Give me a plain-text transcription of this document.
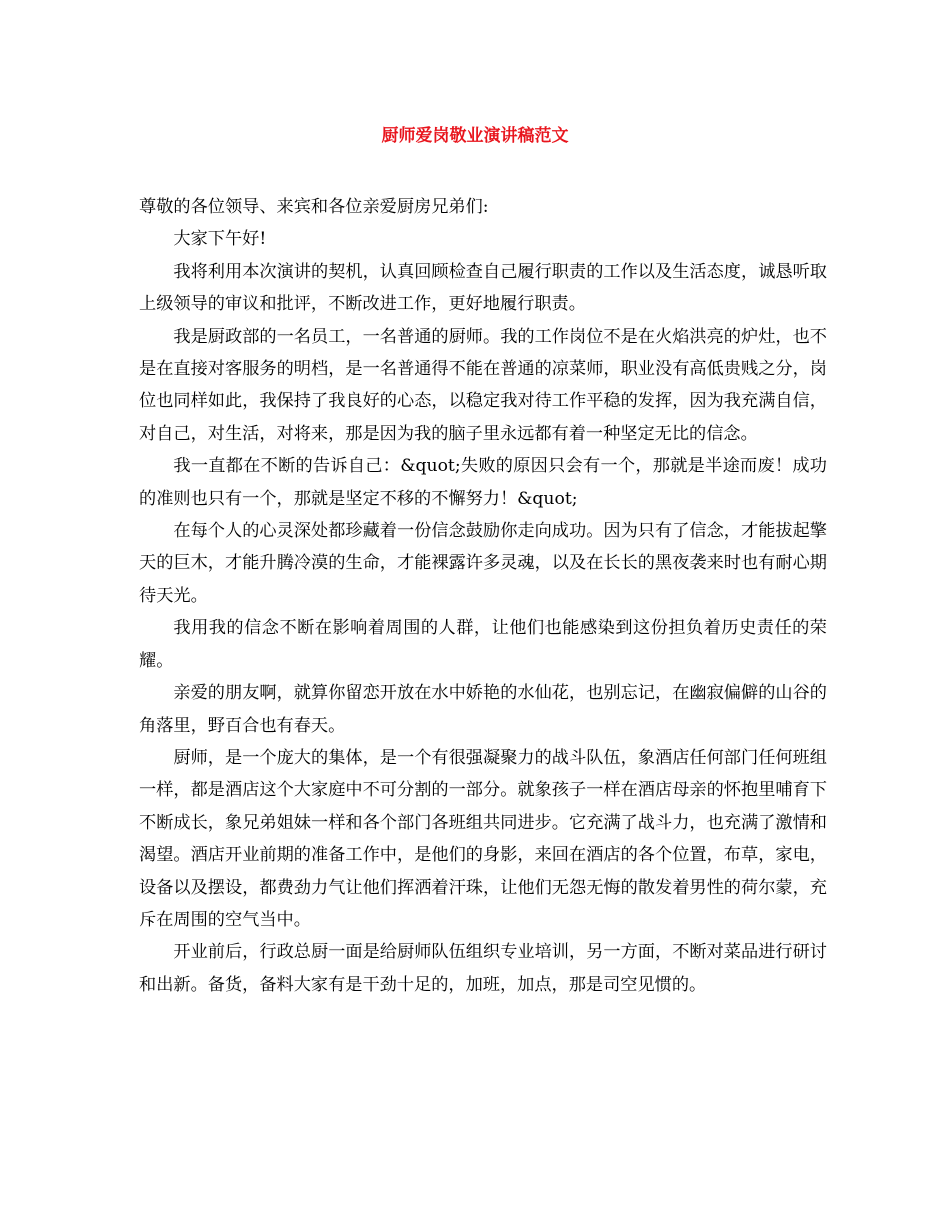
厨师爱岗敬业演讲稿范文

尊敬的各位领导、来宾和各位亲爱厨房兄弟们:

大家下午好!

我将利用本次演讲的契机，认真回顾检查自己履行职责的工作以及生活态度，诚恳听取上级领导的审议和批评，不断改进工作，更好地履行职责。

我是厨政部的一名员工，一名普通的厨师。我的工作岗位不是在火焰洪亮的炉灶，也不是在直接对客服务的明档，是一名普通得不能在普通的凉菜师，职业没有高低贵贱之分，岗位也同样如此，我保持了我良好的心态，以稳定我对待工作平稳的发挥，因为我充满自信，对自己，对生活，对将来，那是因为我的脑子里永远都有着一种坚定无比的信念。

我一直都在不断的告诉自己：&quot;失败的原因只会有一个，那就是半途而废！成功的准则也只有一个，那就是坚定不移的不懈努力！&quot;

在每个人的心灵深处都珍藏着一份信念鼓励你走向成功。因为只有了信念，才能拔起擎天的巨木，才能升腾冷漠的生命，才能裸露许多灵魂，以及在长长的黑夜袭来时也有耐心期待天光。

我用我的信念不断在影响着周围的人群，让他们也能感染到这份担负着历史责任的荣耀。

亲爱的朋友啊，就算你留恋开放在水中娇艳的水仙花，也别忘记，在幽寂偏僻的山谷的角落里，野百合也有春天。

厨师，是一个庞大的集体，是一个有很强凝聚力的战斗队伍，象酒店任何部门任何班组一样，都是酒店这个大家庭中不可分割的一部分。就象孩子一样在酒店母亲的怀抱里哺育下不断成长，象兄弟姐妹一样和各个部门各班组共同进步。它充满了战斗力，也充满了激情和渴望。酒店开业前期的准备工作中，是他们的身影，来回在酒店的各个位置，布草，家电，设备以及摆设，都费劲力气让他们挥洒着汗珠，让他们无怨无悔的散发着男性的荷尔蒙，充斥在周围的空气当中。

开业前后，行政总厨一面是给厨师队伍组织专业培训，另一方面，不断对菜品进行研讨和出新。备货，备料大家有是干劲十足的，加班，加点，那是司空见惯的。
